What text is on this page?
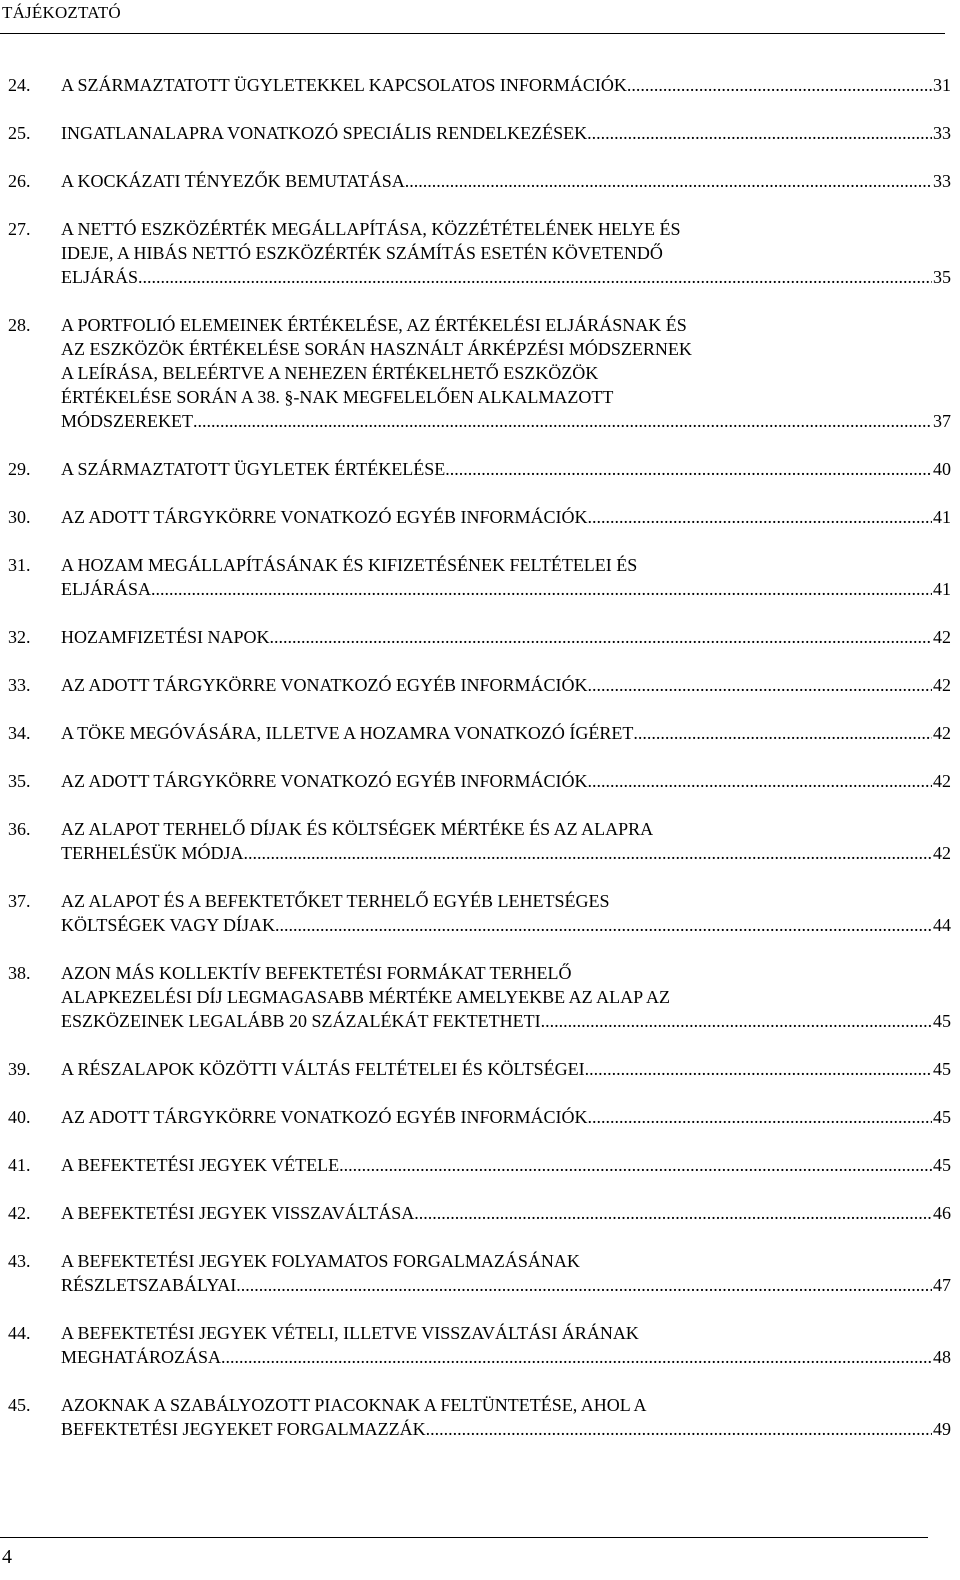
TÁJÉKOZTATÓ
24.	A SZÁRMAZTATOTT ÜGYLETEKKEL KAPCSOLATOS INFORMÁCIÓK .....	31
25.	INGATLANALAPRA VONATKOZÓ SPECIÁLIS RENDELKEZÉSEK .....	33
26.	A KOCKÁZATI TÉNYEZŐK BEMUTATÁSA .....	33
27.	A NETTÓ ESZKÖZÉRTÉK MEGÁLLAPÍTÁSA, KÖZZÉTÉTELÉNEK HELYE ÉS
IDEJE, A HIBÁS NETTÓ ESZKÖZÉRTÉK SZÁMÍTÁS ESETÉN KÖVETENDŐ
ELJÁRÁS .....	35
28.	A PORTFOLIÓ ELEMEINEK ÉRTÉKELÉSE, AZ ÉRTÉKELÉSI ELJÁRÁSNAK ÉS
AZ ESZKÖZÖK ÉRTÉKELÉSE SORÁN HASZNÁLT ÁRKÉPZÉSI MÓDSZERNEK
A LEÍRÁSA, BELEÉRTVE A NEHEZEN ÉRTÉKELHETŐ ESZKÖZÖK
ÉRTÉKELÉSE SORÁN A 38. §-NAK MEGFELELŐEN ALKALMAZOTT
MÓDSZEREKET .....	37
29.	A SZÁRMAZTATOTT ÜGYLETEK ÉRTÉKELÉSE .....	40
30.	AZ ADOTT TÁRGYKÖRRE VONATKOZÓ EGYÉB INFORMÁCIÓK .....	41
31.	A HOZAM MEGÁLLAPÍTÁSÁNAK ÉS KIFIZETÉSÉNEK FELTÉTELEI ÉS
ELJÁRÁSA .....	41
32.	HOZAMFIZETÉSI NAPOK .....	42
33.	AZ ADOTT TÁRGYKÖRRE VONATKOZÓ EGYÉB INFORMÁCIÓK .....	42
34.	A TÖKE MEGÓVÁSÁRA, ILLETVE A HOZAMRA VONATKOZÓ ÍGÉRET .....	42
35.	AZ ADOTT TÁRGYKÖRRE VONATKOZÓ EGYÉB INFORMÁCIÓK .....	42
36.	AZ ALAPOT TERHELŐ DÍJAK ÉS KÖLTSÉGEK MÉRTÉKE ÉS AZ ALAPRA
TERHELÉSÜK MÓDJA .....	42
37.	AZ ALAPOT ÉS A BEFEKTETŐKET TERHELŐ EGYÉB LEHETSÉGES
KÖLTSÉGEK VAGY DÍJAK .....	44
38.	AZON MÁS KOLLEKTÍV BEFEKTETÉSI FORMÁKAT TERHELŐ
ALAPKEZELÉSI DÍJ LEGMAGASABB MÉRTÉKE AMELYEKBE AZ ALAP AZ
ESZKÖZEINEK LEGALÁBB 20 SZÁZALÉKÁT FEKTETHETI .....	45
39.	A RÉSZALAPOK KÖZÖTTI VÁLTÁS FELTÉTELEI ÉS KÖLTSÉGEI .....	45
40.	AZ ADOTT TÁRGYKÖRRE VONATKOZÓ EGYÉB INFORMÁCIÓK .....	45
41.	A BEFEKTETÉSI JEGYEK VÉTELE .....	45
42.	A BEFEKTETÉSI JEGYEK VISSZAVÁLTÁSA .....	46
43.	A BEFEKTETÉSI JEGYEK FOLYAMATOS FORGALMAZÁSÁNAK
RÉSZLETSZABÁLYAI .....	47
44.	A BEFEKTETÉSI JEGYEK VÉTELI, ILLETVE VISSZAVÁLTÁSI ÁRÁNAK
MEGHATÁROZÁSA .....	48
45.	AZOKNAK A SZABÁLYOZOTT PIACOKNAK A FELTÜNTETÉSE, AHOL A
BEFEKTETÉSI JEGYEKET FORGALMAZZÁK .....	49
4
